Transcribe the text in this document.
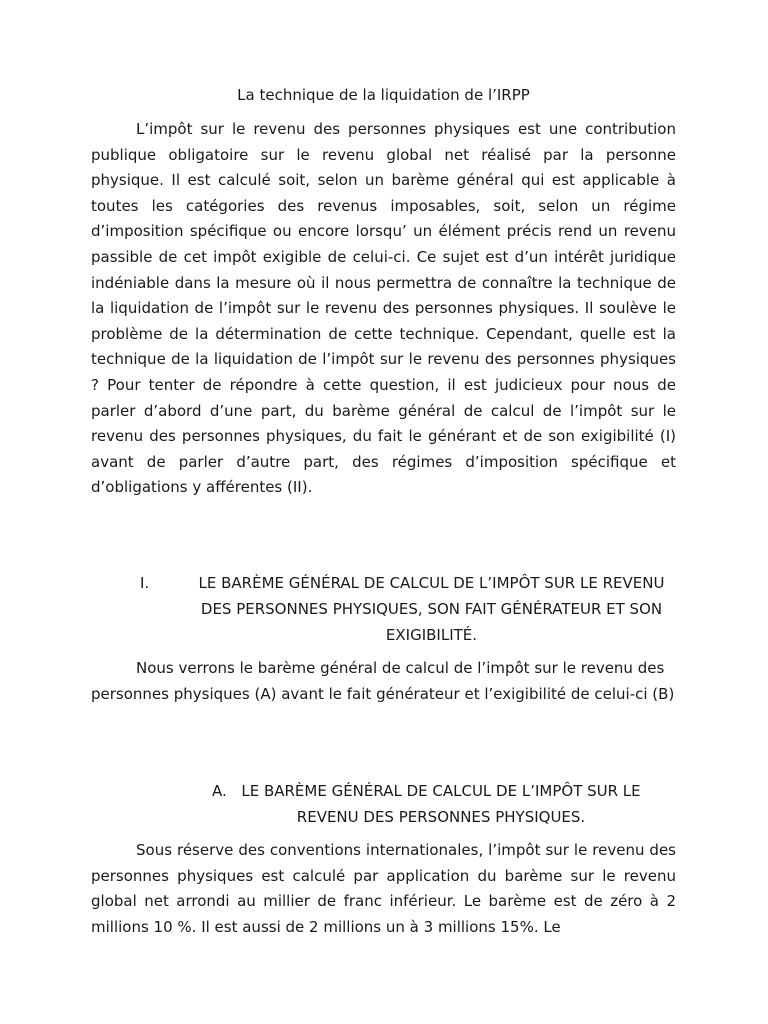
La technique de la liquidation de l’IRPP

L’impôt sur le revenu des personnes physiques est une contribution publique obligatoire sur le revenu global net réalisé par la personne physique. Il est calculé soit, selon un barème général qui est applicable à toutes les catégories des revenus imposables, soit, selon un régime d’imposition spécifique ou encore lorsqu’ un élément précis rend un revenu passible de cet impôt exigible de celui-ci. Ce sujet est d’un intérêt juridique indéniable dans la mesure où il nous permettra de connaître la technique de la liquidation de l’impôt sur le revenu des personnes physiques. Il soulève le problème de la détermination de cette technique. Cependant, quelle est la technique de la liquidation de l’impôt sur le revenu des personnes physiques ? Pour tenter de répondre à cette question, il est judicieux pour nous de parler d’abord d’une part, du barème général de calcul de l’impôt sur le revenu des personnes physiques, du fait le générant et de son exigibilité (I) avant de parler d’autre part, des régimes d’imposition spécifique et d’obligations y afférentes (II).

I.	LE BARÈME GÉNÉRAL DE CALCUL DE L’IMPÔT SUR LE REVENU DES PERSONNES PHYSIQUES, SON FAIT GÉNÉRATEUR ET SON EXIGIBILITÉ.

Nous verrons le barème général de calcul de l’impôt sur le revenu des personnes physiques (A) avant le fait générateur et l’exigibilité de celui-ci (B)

A. LE BARÈME GÉNÉRAL DE CALCUL DE L’IMPÔT SUR LE REVENU DES PERSONNES PHYSIQUES.

Sous réserve des conventions internationales, l’impôt sur le revenu des personnes physiques est calculé par application du barème sur le revenu global net arrondi au millier de franc inférieur. Le barème est de zéro à 2 millions 10 %. Il est aussi de 2 millions un à 3 millions 15%. Le
